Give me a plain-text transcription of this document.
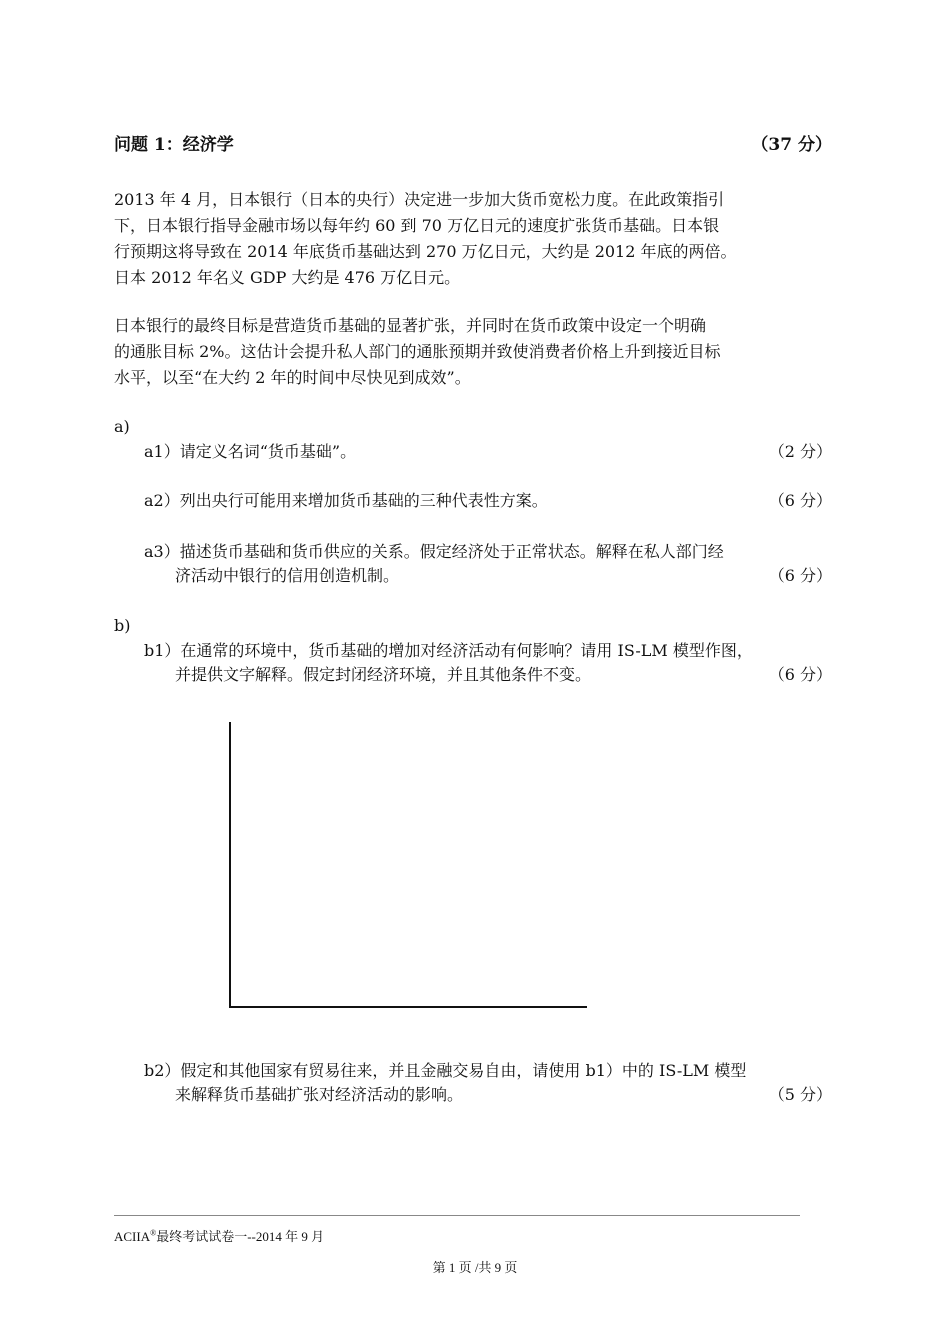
问题 1：经济学	（37 分）
2013 年 4 月，日本银行（日本的央行）决定进一步加大货币宽松力度。在此政策指引
下，日本银行指导金融市场以每年约 60 到 70 万亿日元的速度扩张货币基础。日本银
行预期这将导致在 2014 年底货币基础达到 270 万亿日元，大约是 2012 年底的两倍。
日本 2012 年名义 GDP 大约是 476 万亿日元。
日本银行的最终目标是营造货币基础的显著扩张，并同时在货币政策中设定一个明确
的通胀目标 2%。这估计会提升私人部门的通胀预期并致使消费者价格上升到接近目标
水平，以至“在大约 2 年的时间中尽快见到成效”。
a)
a1）请定义名词“货币基础”。	（2 分）
a2）列出央行可能用来增加货币基础的三种代表性方案。	（6 分）
a3）描述货币基础和货币供应的关系。假定经济处于正常状态。解释在私人部门经
济活动中银行的信用创造机制。	（6 分）
b)
b1）在通常的环境中，货币基础的增加对经济活动有何影响？请用 IS-LM 模型作图，
并提供文字解释。假定封闭经济环境，并且其他条件不变。	（6 分）
b2）假定和其他国家有贸易往来，并且金融交易自由，请使用 b1）中的 IS-LM 模型
来解释货币基础扩张对经济活动的影响。	（5 分）
ACIIA®最终考试试卷一--2014 年 9 月
第 1 页 /共 9 页
